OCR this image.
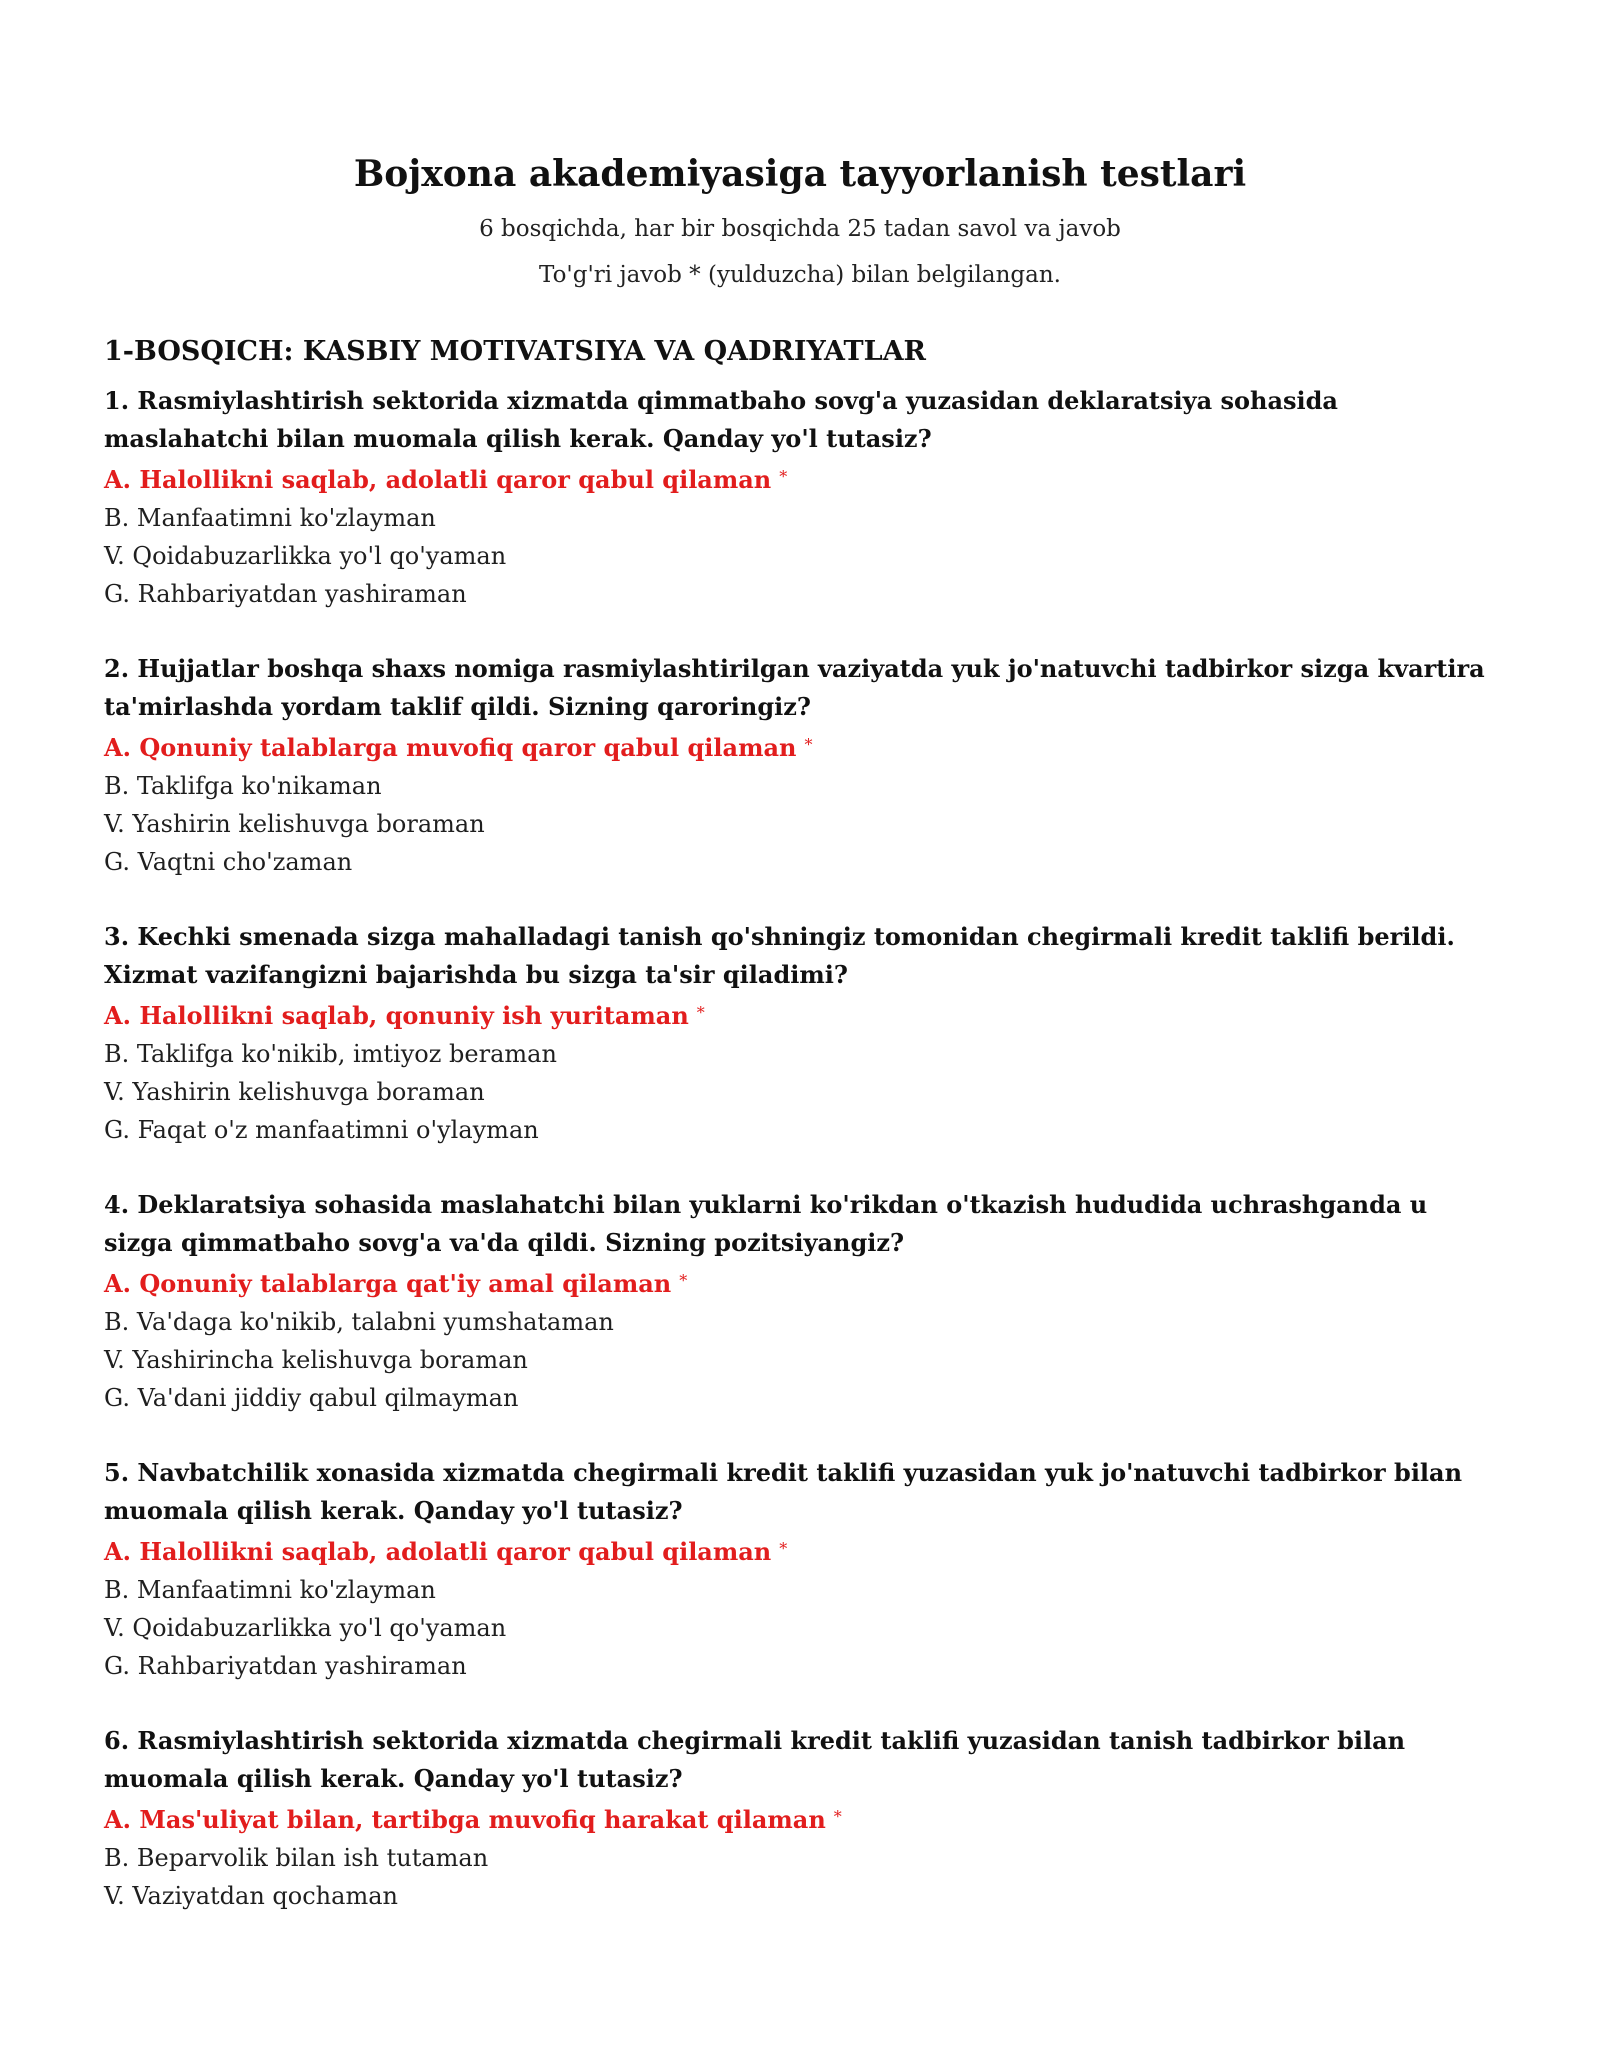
Bojxona akademiyasiga tayyorlanish testlari

6 bosqichda, har bir bosqichda 25 tadan savol va javob

To'g'ri javob * (yulduzcha) bilan belgilangan.

1-BOSQICH: KASBIY MOTIVATSIYA VA QADRIYATLAR

1. Rasmiylashtirish sektorida xizmatda qimmatbaho sovg'a yuzasidan deklaratsiya sohasida maslahatchi bilan muomala qilish kerak. Qanday yo'l tutasiz?

A. Halollikni saqlab, adolatli qaror qabul qilaman *

B. Manfaatimni ko'zlayman

V. Qoidabuzarlikka yo'l qo'yaman

G. Rahbariyatdan yashiraman

2. Hujjatlar boshqa shaxs nomiga rasmiylashtirilgan vaziyatda yuk jo'natuvchi tadbirkor sizga kvartira ta'mirlashda yordam taklif qildi. Sizning qaroringiz?

A. Qonuniy talablarga muvofiq qaror qabul qilaman *

B. Taklifga ko'nikaman

V. Yashirin kelishuvga boraman

G. Vaqtni cho'zaman

3. Kechki smenada sizga mahalladagi tanish qo'shningiz tomonidan chegirmali kredit taklifi berildi. Xizmat vazifangizni bajarishda bu sizga ta'sir qiladimi?

A. Halollikni saqlab, qonuniy ish yuritaman *

B. Taklifga ko'nikib, imtiyoz beraman

V. Yashirin kelishuvga boraman

G. Faqat o'z manfaatimni o'ylayman

4. Deklaratsiya sohasida maslahatchi bilan yuklarni ko'rikdan o'tkazish hududida uchrashganda u sizga qimmatbaho sovg'a va'da qildi. Sizning pozitsiyangiz?

A. Qonuniy talablarga qat'iy amal qilaman *

B. Va'daga ko'nikib, talabni yumshataman

V. Yashirincha kelishuvga boraman

G. Va'dani jiddiy qabul qilmayman

5. Navbatchilik xonasida xizmatda chegirmali kredit taklifi yuzasidan yuk jo'natuvchi tadbirkor bilan muomala qilish kerak. Qanday yo'l tutasiz?

A. Halollikni saqlab, adolatli qaror qabul qilaman *

B. Manfaatimni ko'zlayman

V. Qoidabuzarlikka yo'l qo'yaman

G. Rahbariyatdan yashiraman

6. Rasmiylashtirish sektorida xizmatda chegirmali kredit taklifi yuzasidan tanish tadbirkor bilan muomala qilish kerak. Qanday yo'l tutasiz?

A. Mas'uliyat bilan, tartibga muvofiq harakat qilaman *

B. Beparvolik bilan ish tutaman

V. Vaziyatdan qochaman
